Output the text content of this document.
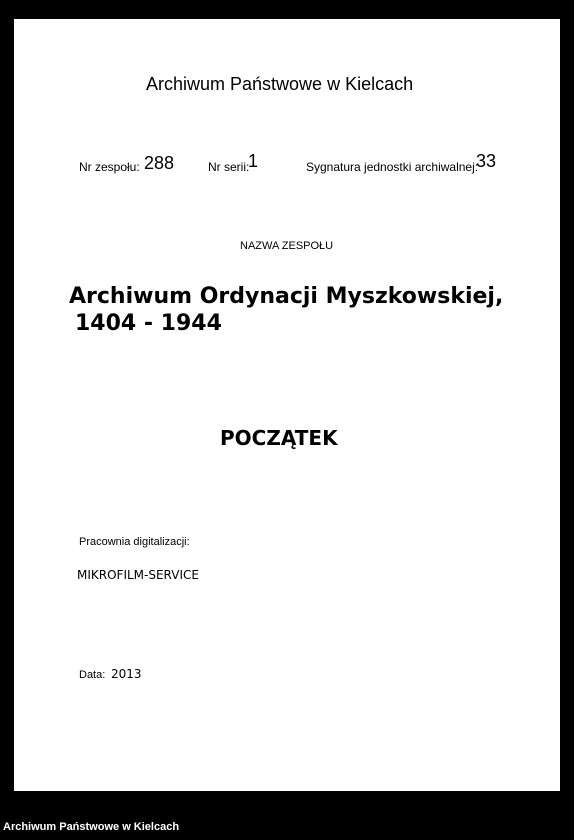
Archiwum Państwowe w Kielcach
Nr zespołu: 288	Nr serii:
1	Sygnatura jednostki archiwalnej:
33
NAZWA ZESPOŁU
Archiwum Ordynacji Myszkowskiej,
1404 - 1944
POCZĄTEK
Pracownia digitalizacji:
MIKROFILM-SERVICE
Data: 2013
Archiwum Państwowe w Kielcach
